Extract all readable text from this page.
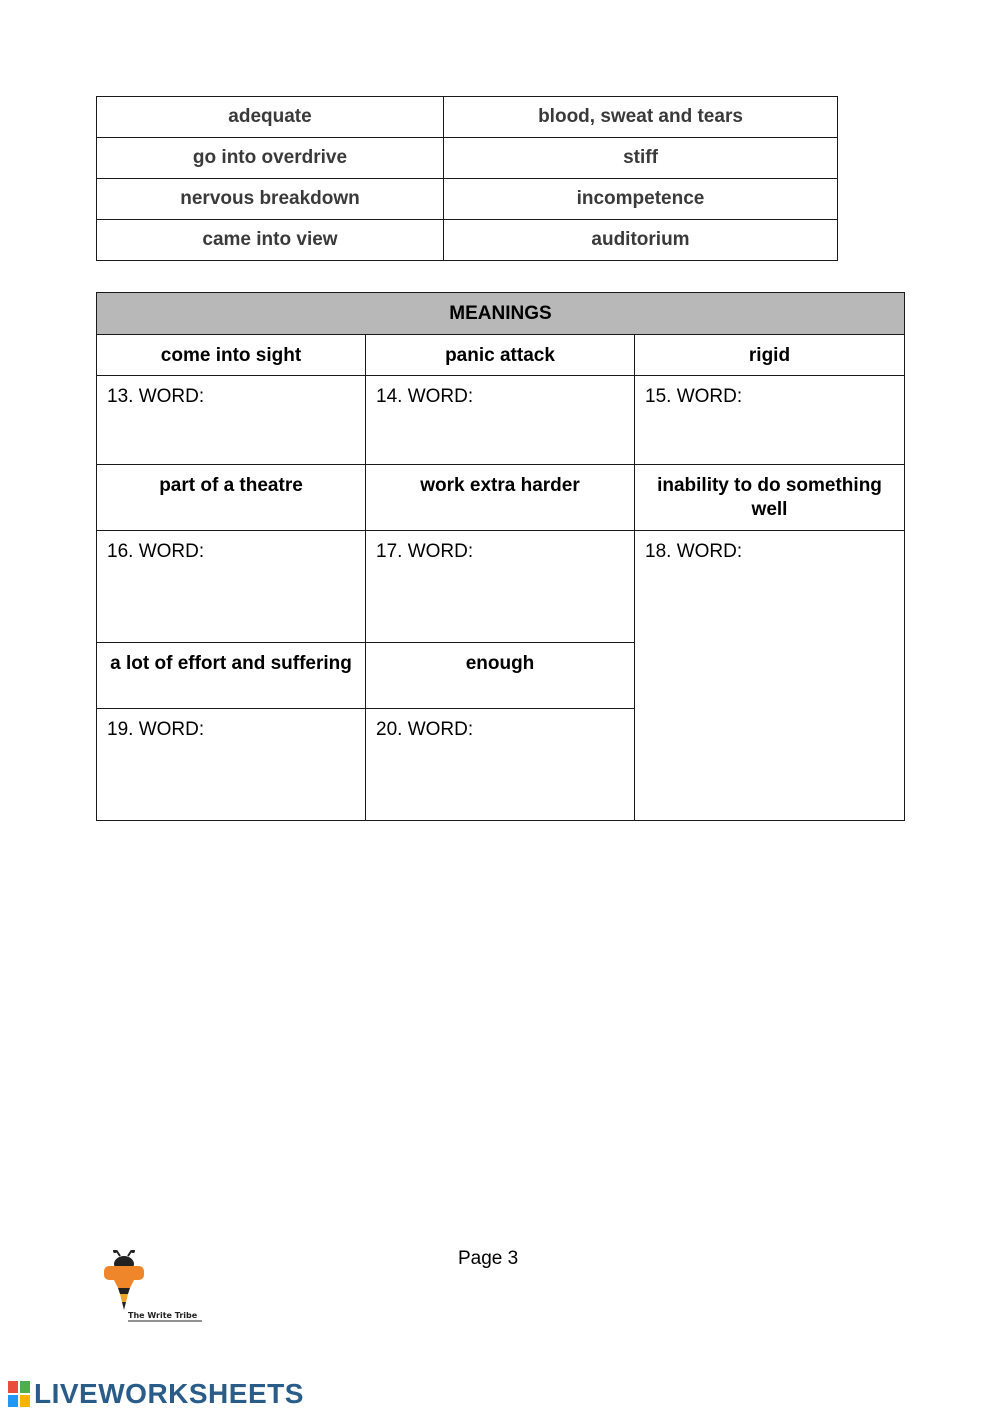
adequate	blood, sweat and tears
go into overdrive	stiff
nervous breakdown	incompetence
came into view	auditorium
MEANINGS		
come into sight	panic attack	rigid
13. WORD:	14. WORD:	15. WORD:

part of a theatre	work extra harder	inability to do something well
16. WORD:	17. WORD:	18. WORD:

a lot of effort and suffering	enough	
19. WORD:	20. WORD:	
Page 3
The Write Tribe
LIVEWORKSHEETS
